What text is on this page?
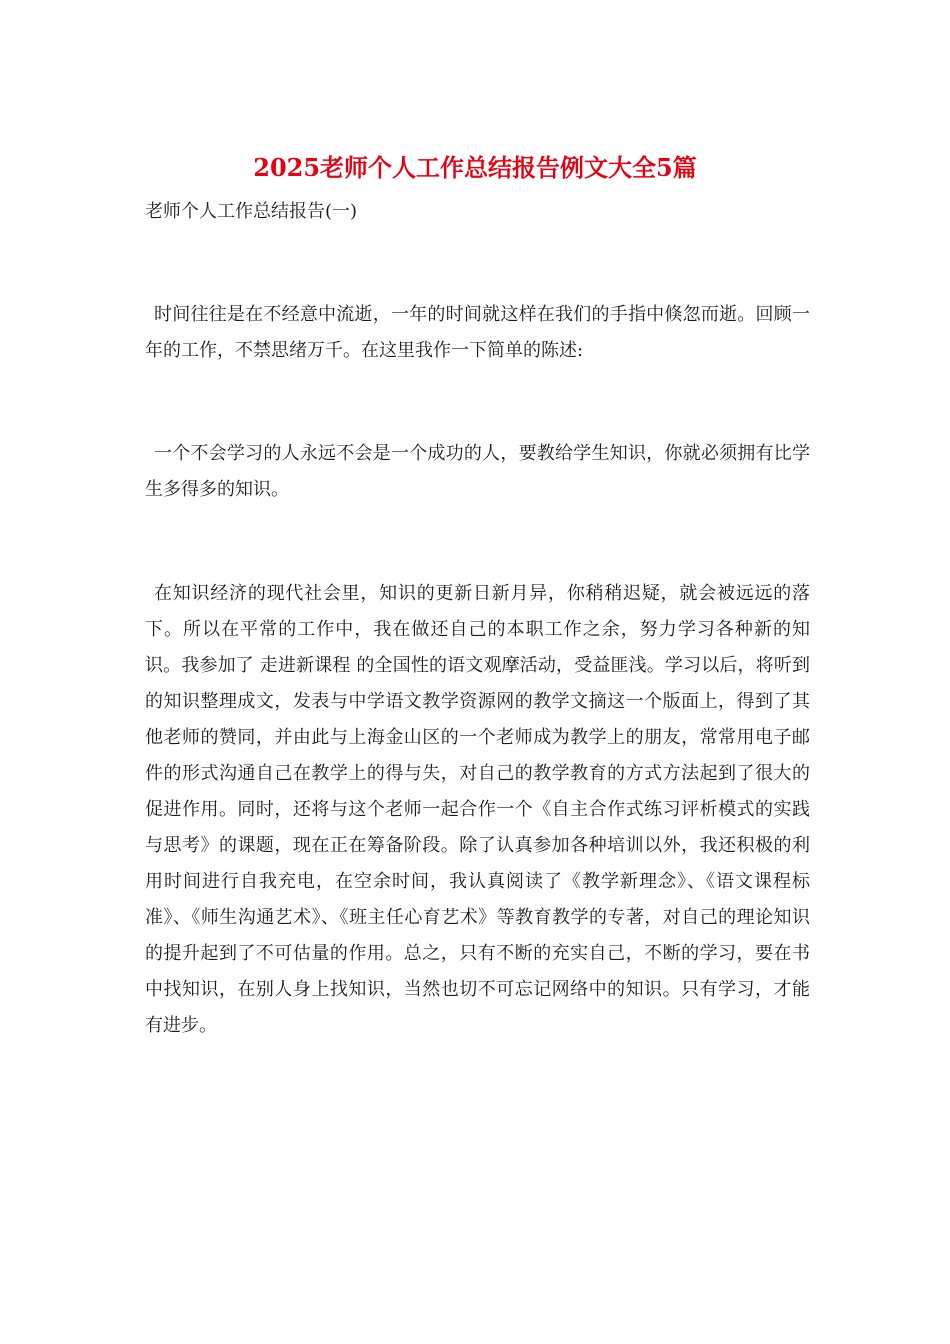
2025老师个人工作总结报告例文大全5篇

老师个人工作总结报告(一)

时间往往是在不经意中流逝，一年的时间就这样在我们的手指中倏忽而逝。回顾一年的工作，不禁思绪万千。在这里我作一下简单的陈述:

一个不会学习的人永远不会是一个成功的人，要教给学生知识，你就必须拥有比学生多得多的知识。

在知识经济的现代社会里，知识的更新日新月异，你稍稍迟疑，就会被远远的落下。所以在平常的工作中，我在做还自己的本职工作之余，努力学习各种新的知识。我参加了 走进新课程 的全国性的语文观摩活动，受益匪浅。学习以后，将听到的知识整理成文，发表与中学语文教学资源网的教学文摘这一个版面上，得到了其他老师的赞同，并由此与上海金山区的一个老师成为教学上的朋友，常常用电子邮件的形式沟通自己在教学上的得与失，对自己的教学教育的方式方法起到了很大的促进作用。同时，还将与这个老师一起合作一个《自主合作式练习评析模式的实践与思考》的课题，现在正在筹备阶段。除了认真参加各种培训以外，我还积极的利用时间进行自我充电，在空余时间，我认真阅读了《教学新理念》、《语文课程标准》、《师生沟通艺术》、《班主任心育艺术》等教育教学的专著，对自己的理论知识的提升起到了不可估量的作用。总之，只有不断的充实自己，不断的学习，要在书中找知识，在别人身上找知识，当然也切不可忘记网络中的知识。只有学习，才能有进步。
